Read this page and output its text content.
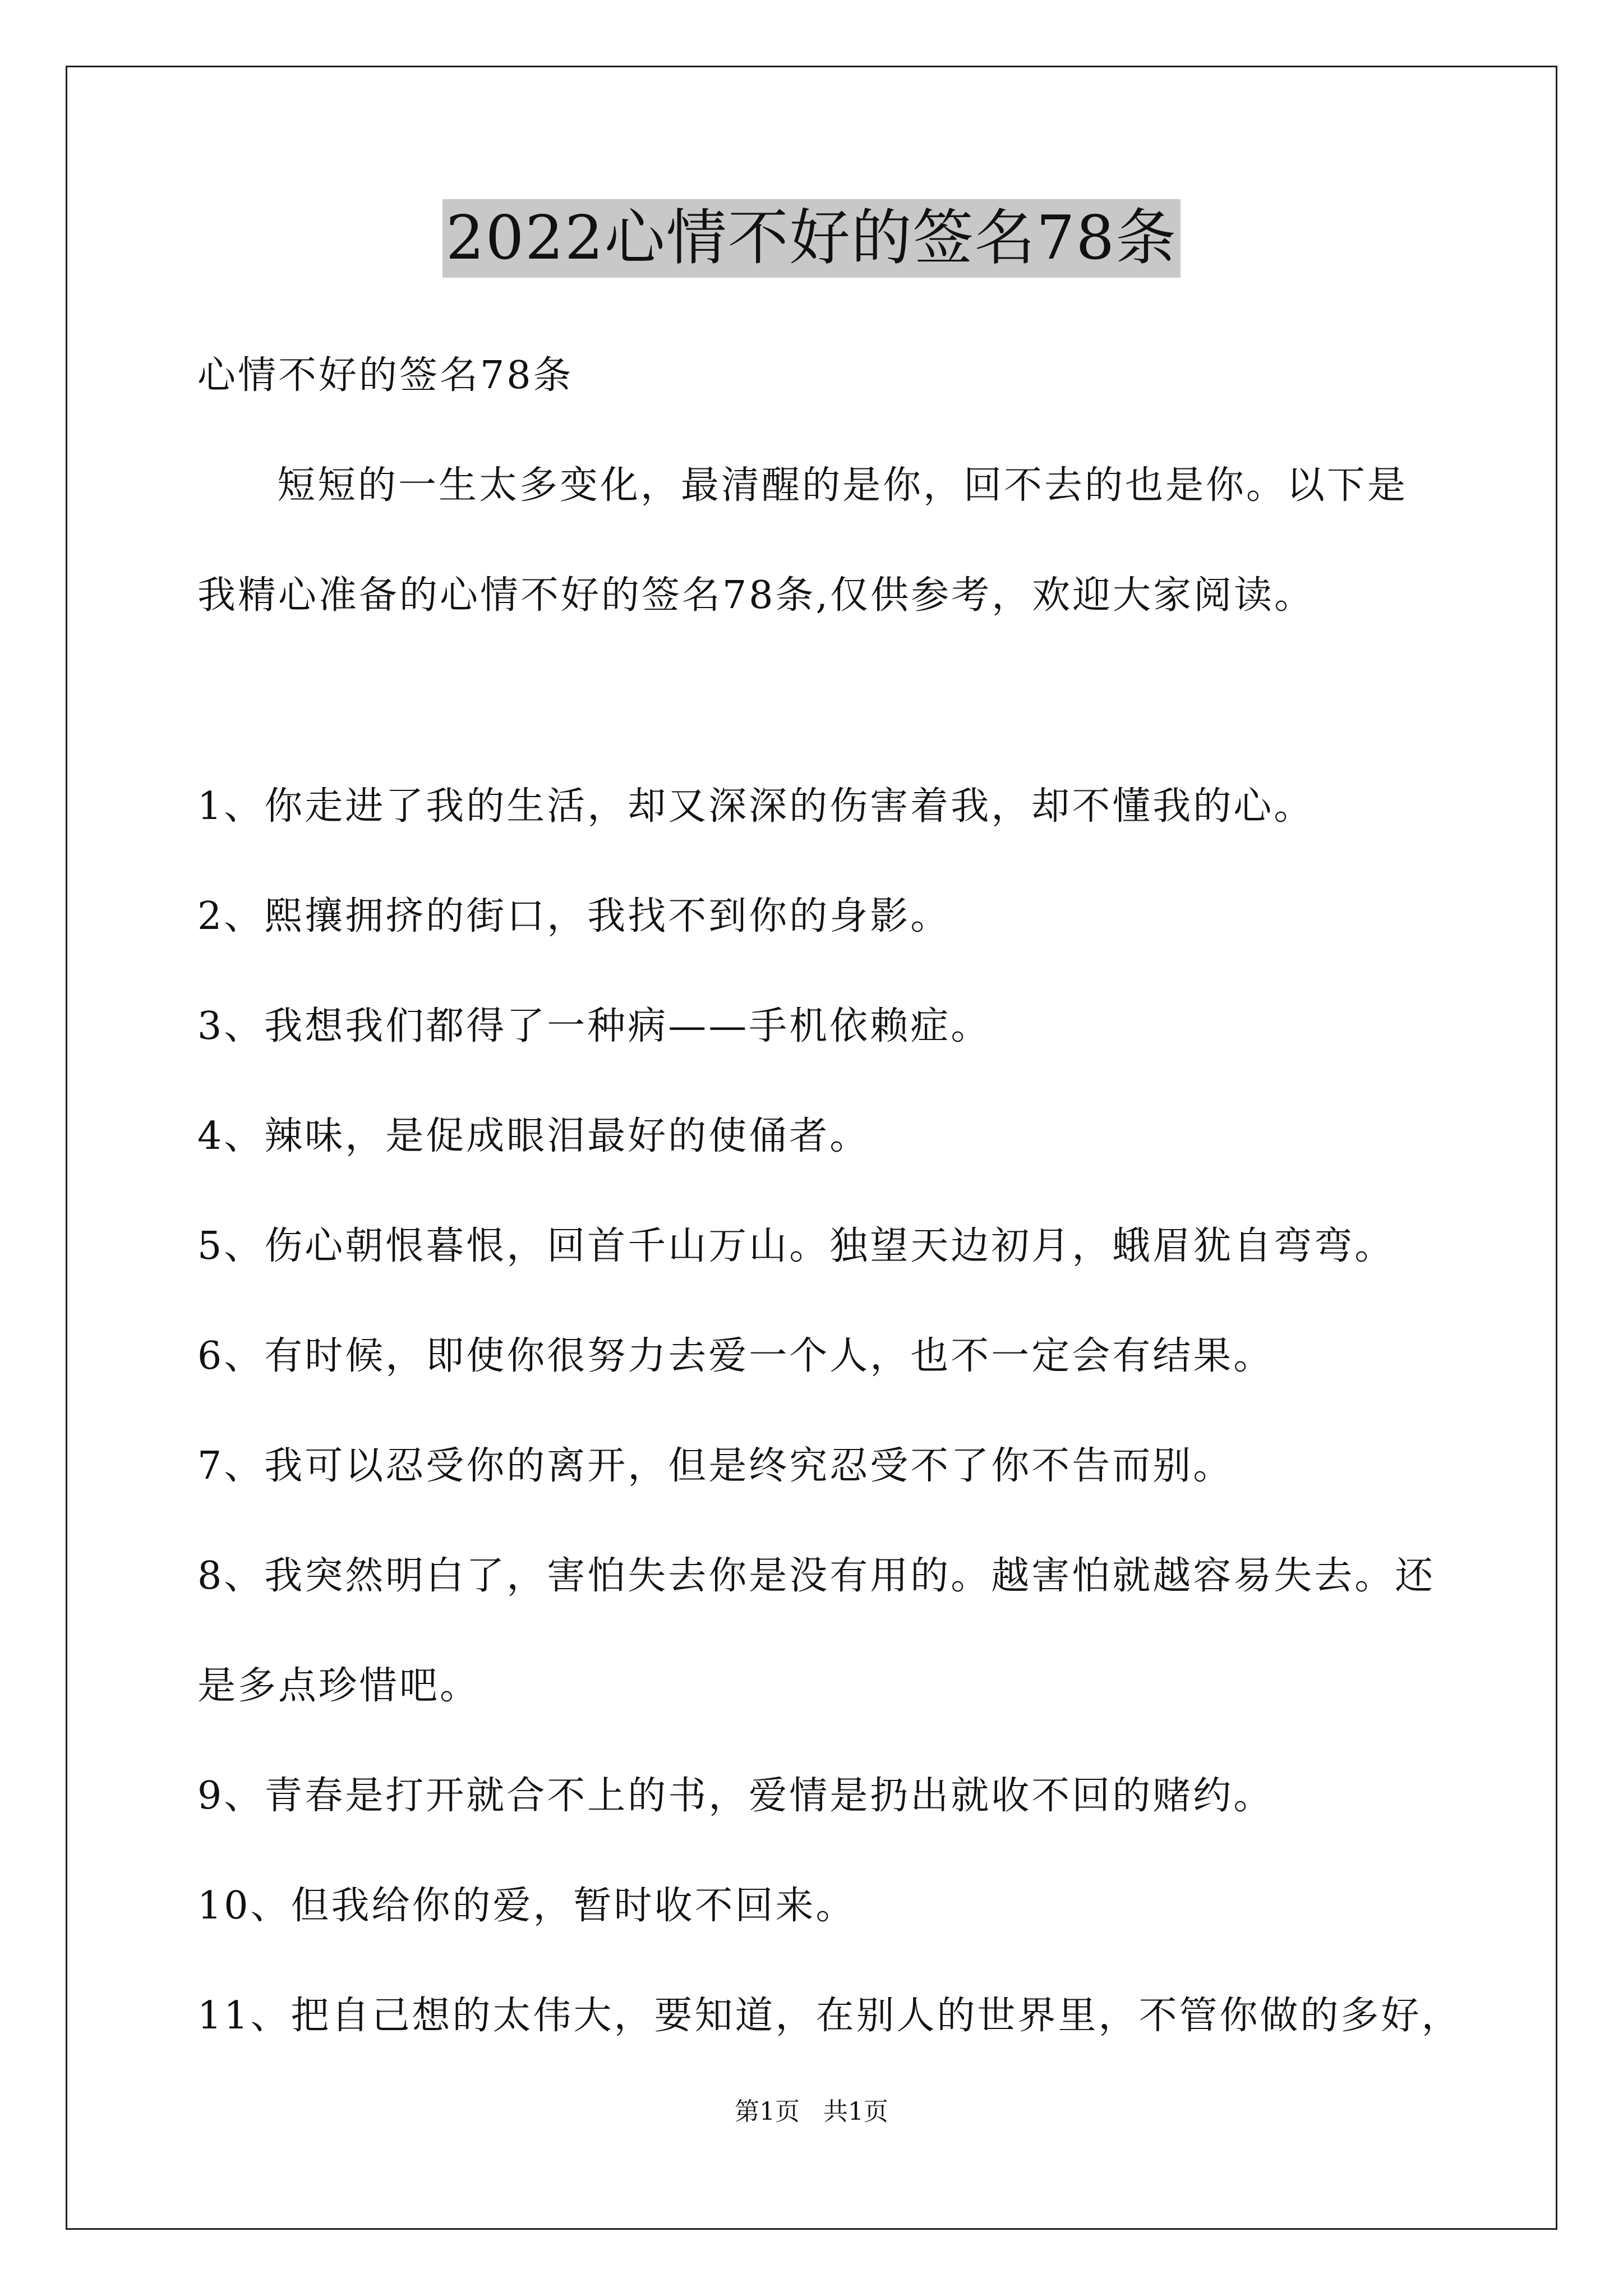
2022心情不好的签名78条
心情不好的签名78条
短短的一生太多变化，最清醒的是你，回不去的也是你。以下是
我精心准备的心情不好的签名78条,仅供参考，欢迎大家阅读。
1、你走进了我的生活，却又深深的伤害着我，却不懂我的心。
2、熙攘拥挤的街口，我找不到你的身影。
3、我想我们都得了一种病——手机依赖症。
4、辣味，是促成眼泪最好的使俑者。
5、伤心朝恨暮恨，回首千山万山。独望天边初月，蛾眉犹自弯弯。
6、有时候，即使你很努力去爱一个人，也不一定会有结果。
7、我可以忍受你的离开，但是终究忍受不了你不告而别。
8、我突然明白了，害怕失去你是没有用的。越害怕就越容易失去。还
是多点珍惜吧。
9、青春是打开就合不上的书，爱情是扔出就收不回的赌约。
10、但我给你的爱，暂时收不回来。
11、把自己想的太伟大，要知道，在别人的世界里，不管你做的多好，
第1页   共1页
